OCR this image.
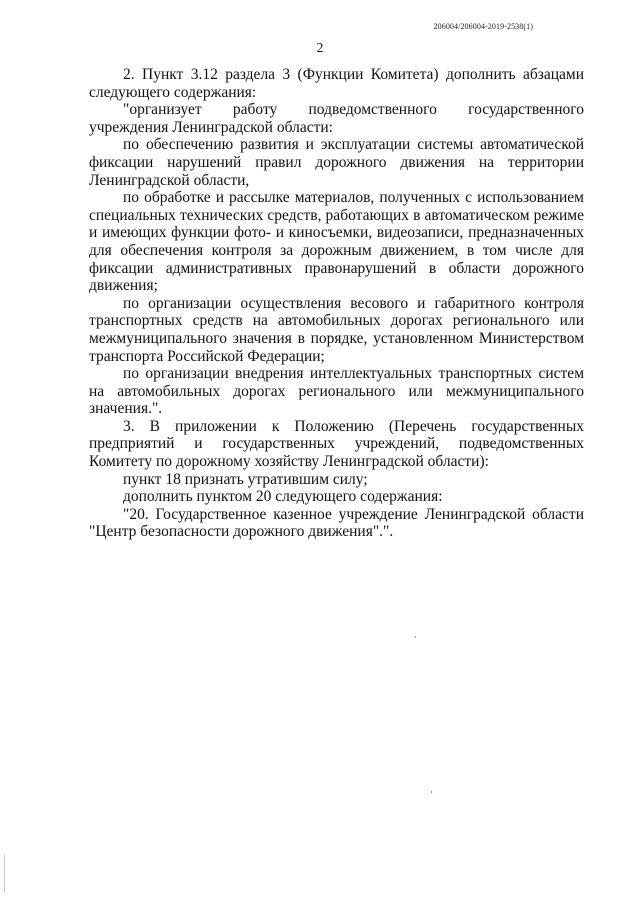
206004/206004-2019-2538(1)
2

2. Пункт 3.12 раздела 3 (Функции Комитета) дополнить абзацами следующего содержания:

"организует работу подведомственного государственного учреждения Ленинградской области:

по обеспечению развития и эксплуатации системы автоматической фиксации нарушений правил дорожного движения на территории Ленинградской области,

по обработке и рассылке материалов, полученных с использованием специальных технических средств, работающих в автоматическом режиме и имеющих функции фото- и киносъемки, видеозаписи, предназначенных для обеспечения контроля за дорожным движением, в том числе для фиксации административных правонарушений в области дорожного движения;

по организации осуществления весового и габаритного контроля транспортных средств на автомобильных дорогах регионального или межмуниципального значения в порядке, установленном Министерством транспорта Российской Федерации;

по организации внедрения интеллектуальных транспортных систем на автомобильных дорогах регионального или межмуниципального значения.".

3. В приложении к Положению (Перечень государственных предприятий и государственных учреждений, подведомственных Комитету по дорожному хозяйству Ленинградской области):

пункт 18 признать утратившим силу;

дополнить пунктом 20 следующего содержания:

"20. Государственное казенное учреждение Ленинградской области "Центр безопасности дорожного движения".".
